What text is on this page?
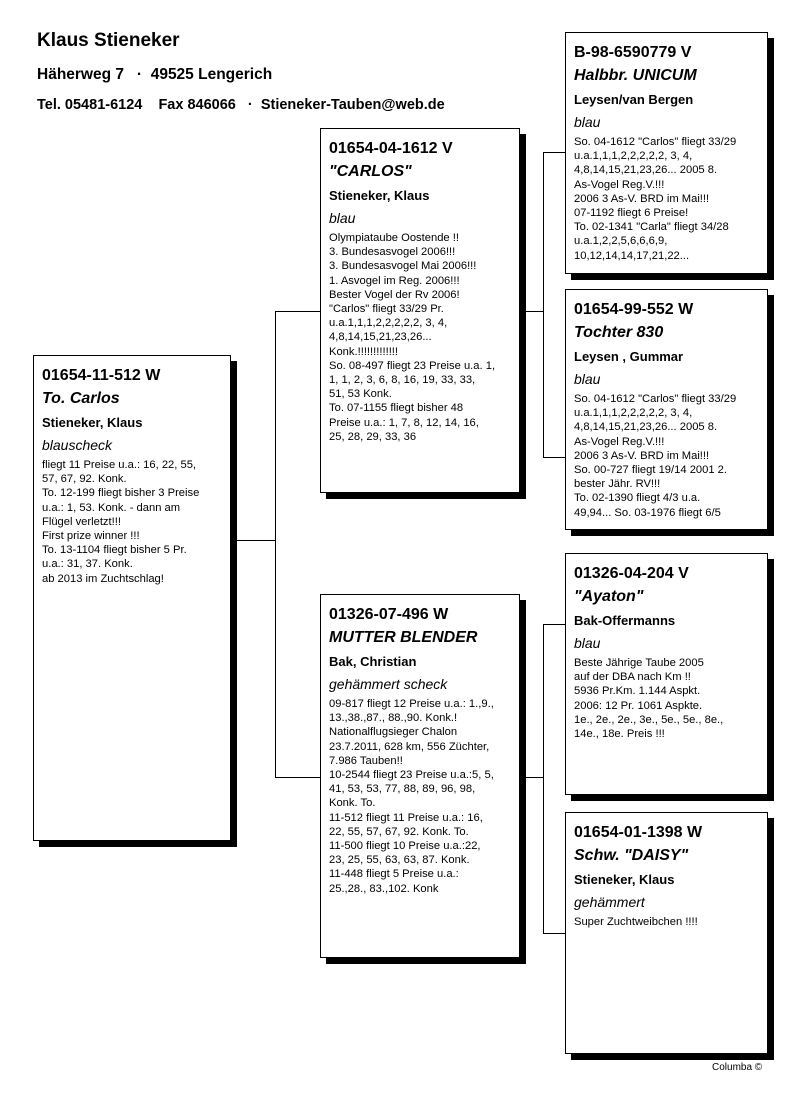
Klaus Stieneker
Häherweg 7   ·  49525 Lengerich
Tel. 05481-6124    Fax 846066   ·  Stieneker-Tauben@web.de
01654-11-512 W
To. Carlos
Stieneker, Klaus
blauscheck
fliegt 11 Preise u.a.: 16, 22, 55,
57, 67, 92. Konk.
To. 12-199 fliegt bisher 3 Preise
u.a.: 1, 53. Konk. - dann am
Flügel verletzt!!!
First prize winner !!!
To. 13-1104 fliegt bisher 5 Pr.
u.a.: 31, 37. Konk.
ab 2013 im Zuchtschlag!
01654-04-1612 V
"CARLOS"
Stieneker, Klaus
blau
Olympiataube Oostende !!
3. Bundesasvogel 2006!!!
3. Bundesasvogel Mai 2006!!!
1. Asvogel im Reg. 2006!!!
Bester Vogel der Rv 2006!
"Carlos" fliegt 33/29 Pr.
u.a.1,1,1,2,2,2,2,2, 3, 4,
4,8,14,15,21,23,26...
Konk.!!!!!!!!!!!!!
So. 08-497 fliegt 23 Preise u.a. 1,
1, 1, 2, 3, 6, 8, 16, 19, 33, 33,
51, 53 Konk.
To. 07-1155 fliegt bisher 48
Preise u.a.: 1, 7, 8, 12, 14, 16,
25, 28, 29, 33, 36
01326-07-496 W
MUTTER BLENDER
Bak, Christian
gehämmert scheck
09-817 fliegt 12 Preise u.a.: 1.,9.,
13.,38.,87., 88.,90. Konk.!
Nationalflugsieger Chalon
23.7.2011, 628 km, 556 Züchter,
7.986 Tauben!!
10-2544 fliegt 23 Preise u.a.:5, 5,
41, 53, 53, 77, 88, 89, 96, 98,
Konk. To.
11-512 fliegt 11 Preise u.a.: 16,
22, 55, 57, 67, 92. Konk. To.
11-500 fliegt 10 Preise u.a.:22,
23, 25, 55, 63, 63, 87. Konk.
11-448 fliegt 5 Preise u.a.:
25.,28., 83.,102. Konk
B-98-6590779 V
Halbbr. UNICUM
Leysen/van Bergen
blau
So. 04-1612 "Carlos" fliegt 33/29
u.a.1,1,1,2,2,2,2,2, 3, 4,
4,8,14,15,21,23,26... 2005 8.
As-Vogel Reg.V.!!!
2006 3 As-V. BRD im Mai!!!
07-1192 fliegt 6 Preise!
To. 02-1341 "Carla" fliegt 34/28
u.a.1,2,2,5,6,6,6,9,
10,12,14,14,17,21,22...
01654-99-552 W
Tochter 830
Leysen , Gummar
blau
So. 04-1612 "Carlos" fliegt 33/29
u.a.1,1,1,2,2,2,2,2, 3, 4,
4,8,14,15,21,23,26... 2005 8.
As-Vogel Reg.V.!!!
2006 3 As-V. BRD im Mai!!!
So. 00-727 fliegt 19/14 2001 2.
bester Jähr. RV!!!
To. 02-1390 fliegt 4/3 u.a.
49,94... So. 03-1976 fliegt 6/5
01326-04-204 V
"Ayaton"
Bak-Offermanns
blau
Beste Jährige Taube 2005
auf der DBA nach Km !!
5936 Pr.Km. 1.144 Aspkt.
2006: 12 Pr. 1061 Aspkte.
1e., 2e., 2e., 3e., 5e., 5e., 8e.,
14e., 18e. Preis !!!
01654-01-1398 W
Schw. "DAISY"
Stieneker, Klaus
gehämmert
Super Zuchtweibchen !!!!
Columba ©
